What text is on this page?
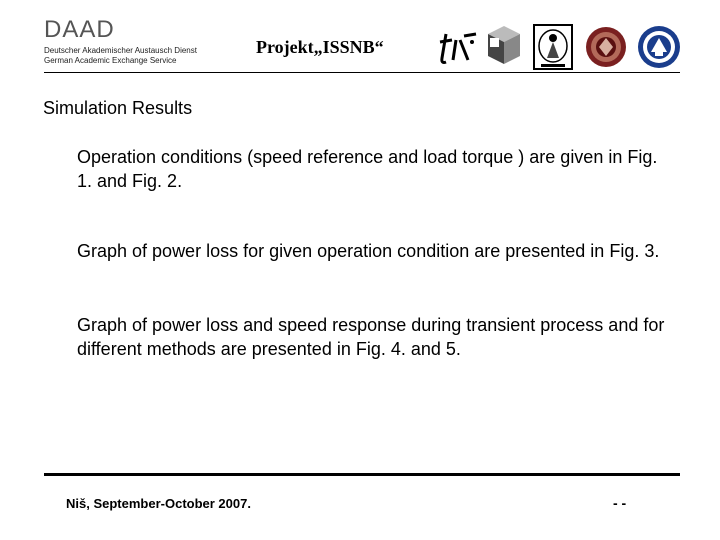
DAAD
Deutscher Akademischer Austausch Dienst
German Academic Exchange Service
Projekt„ISSNB“
Simulation Results
Operation conditions (speed reference and load torque ) are given in Fig. 1. and Fig. 2.
Graph of power loss for given operation condition are presented in Fig. 3.
Graph of power loss and speed response during transient process and for different methods are presented in Fig. 4. and 5.
Niš, September-October 2007.	- -
